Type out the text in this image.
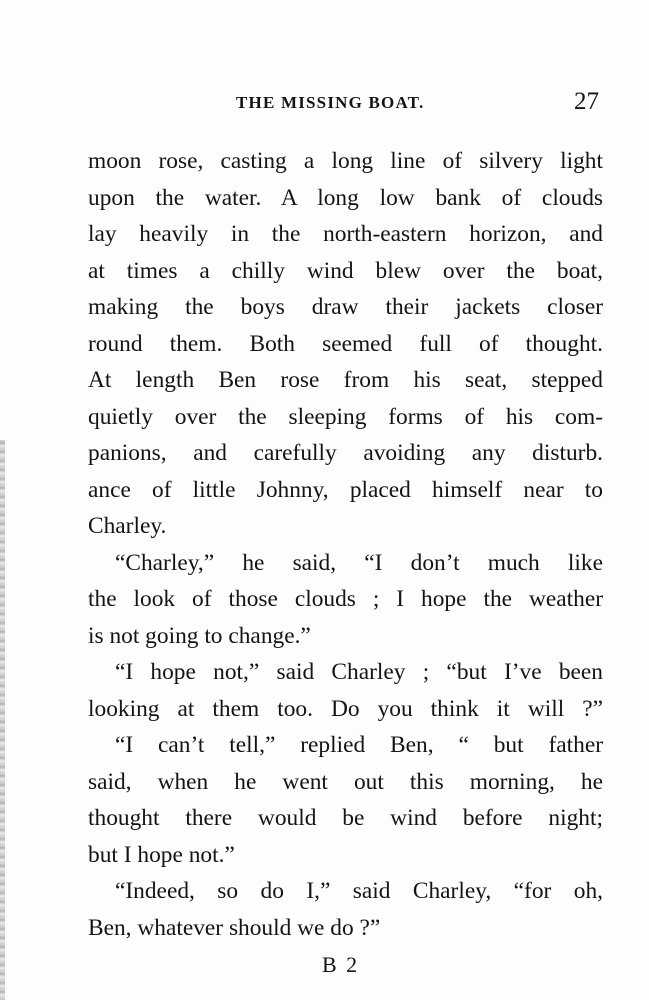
THE MISSING BOAT.	27
moon rose, casting a long line of silvery light
upon the water. A long low bank of clouds
lay heavily in the north-eastern horizon, and
at times a chilly wind blew over the boat,
making the boys draw their jackets closer
round them. Both seemed full of thought.
At length Ben rose from his seat, stepped
quietly over the sleeping forms of his com-
panions, and carefully avoiding any disturb.
ance of little Johnny, placed himself near to
Charley.
“Charley,” he said, “I don’t much like
the look of those clouds ; I hope the weather
is not going to change.”
“I hope not,” said Charley ; “but I’ve been
looking at them too. Do you think it will ?”
“I can’t tell,” replied Ben, “ but father
said, when he went out this morning, he
thought there would be wind before night;
but I hope not.”
“Indeed, so do I,” said Charley, “for oh,
Ben, whatever should we do ?”
B 2
